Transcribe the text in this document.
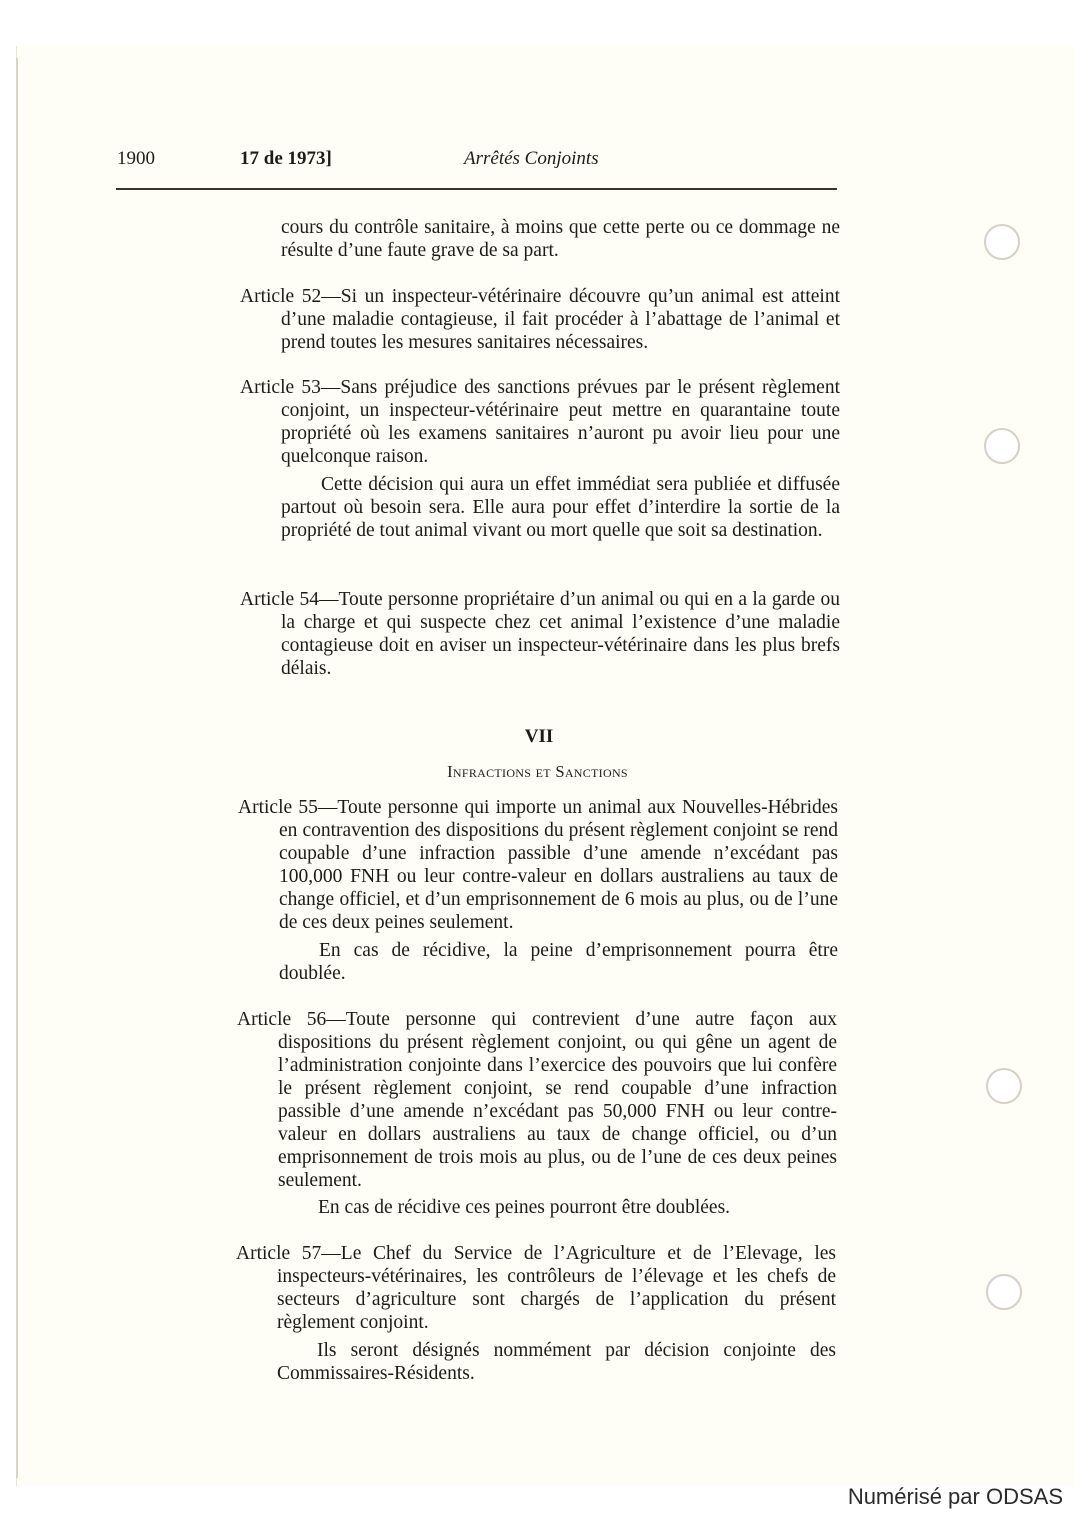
1900	17 de 1973]	Arrêtés Conjoints

cours du contrôle sanitaire, à moins que cette perte ou ce dommage ne résulte d’une faute grave de sa part.

Article 52—Si un inspecteur-vétérinaire découvre qu’un animal est atteint d’une maladie contagieuse, il fait procéder à l’abattage de l’animal et prend toutes les mesures sanitaires nécessaires.

Article 53—Sans préjudice des sanctions prévues par le présent règlement conjoint, un inspecteur-vétérinaire peut mettre en quarantaine toute propriété où les examens sanitaires n’auront pu avoir lieu pour une quelconque raison.

Cette décision qui aura un effet immédiat sera publiée et diffusée partout où besoin sera. Elle aura pour effet d’interdire la sortie de la propriété de tout animal vivant ou mort quelle que soit sa destination.

Article 54—Toute personne propriétaire d’un animal ou qui en a la garde ou la charge et qui suspecte chez cet animal l’existence d’une maladie contagieuse doit en aviser un inspecteur-vétérinaire dans les plus brefs délais.

VII
Infractions et Sanctions

Article 55—Toute personne qui importe un animal aux Nouvelles-Hébrides en contravention des dispositions du présent règlement conjoint se rend coupable d’une infraction passible d’une amende n’excédant pas 100,000 FNH ou leur contre-valeur en dollars australiens au taux de change officiel, et d’un emprisonnement de 6 mois au plus, ou de l’une de ces deux peines seulement.

En cas de récidive, la peine d’emprisonnement pourra être doublée.

Article 56—Toute personne qui contrevient d’une autre façon aux dispositions du présent règlement conjoint, ou qui gêne un agent de l’administration conjointe dans l’exercice des pouvoirs que lui confère le présent règlement conjoint, se rend coupable d’une infraction passible d’une amende n’excédant pas 50,000 FNH ou leur contre-valeur en dollars australiens au taux de change officiel, ou d’un emprisonnement de trois mois au plus, ou de l’une de ces deux peines seulement.

En cas de récidive ces peines pourront être doublées.

Article 57—Le Chef du Service de l’Agriculture et de l’Elevage, les inspecteurs-vétérinaires, les contrôleurs de l’élevage et les chefs de secteurs d’agriculture sont chargés de l’application du présent règlement conjoint.

Ils seront désignés nommément par décision conjointe des Commissaires-Résidents.

Numérisé par ODSAS
